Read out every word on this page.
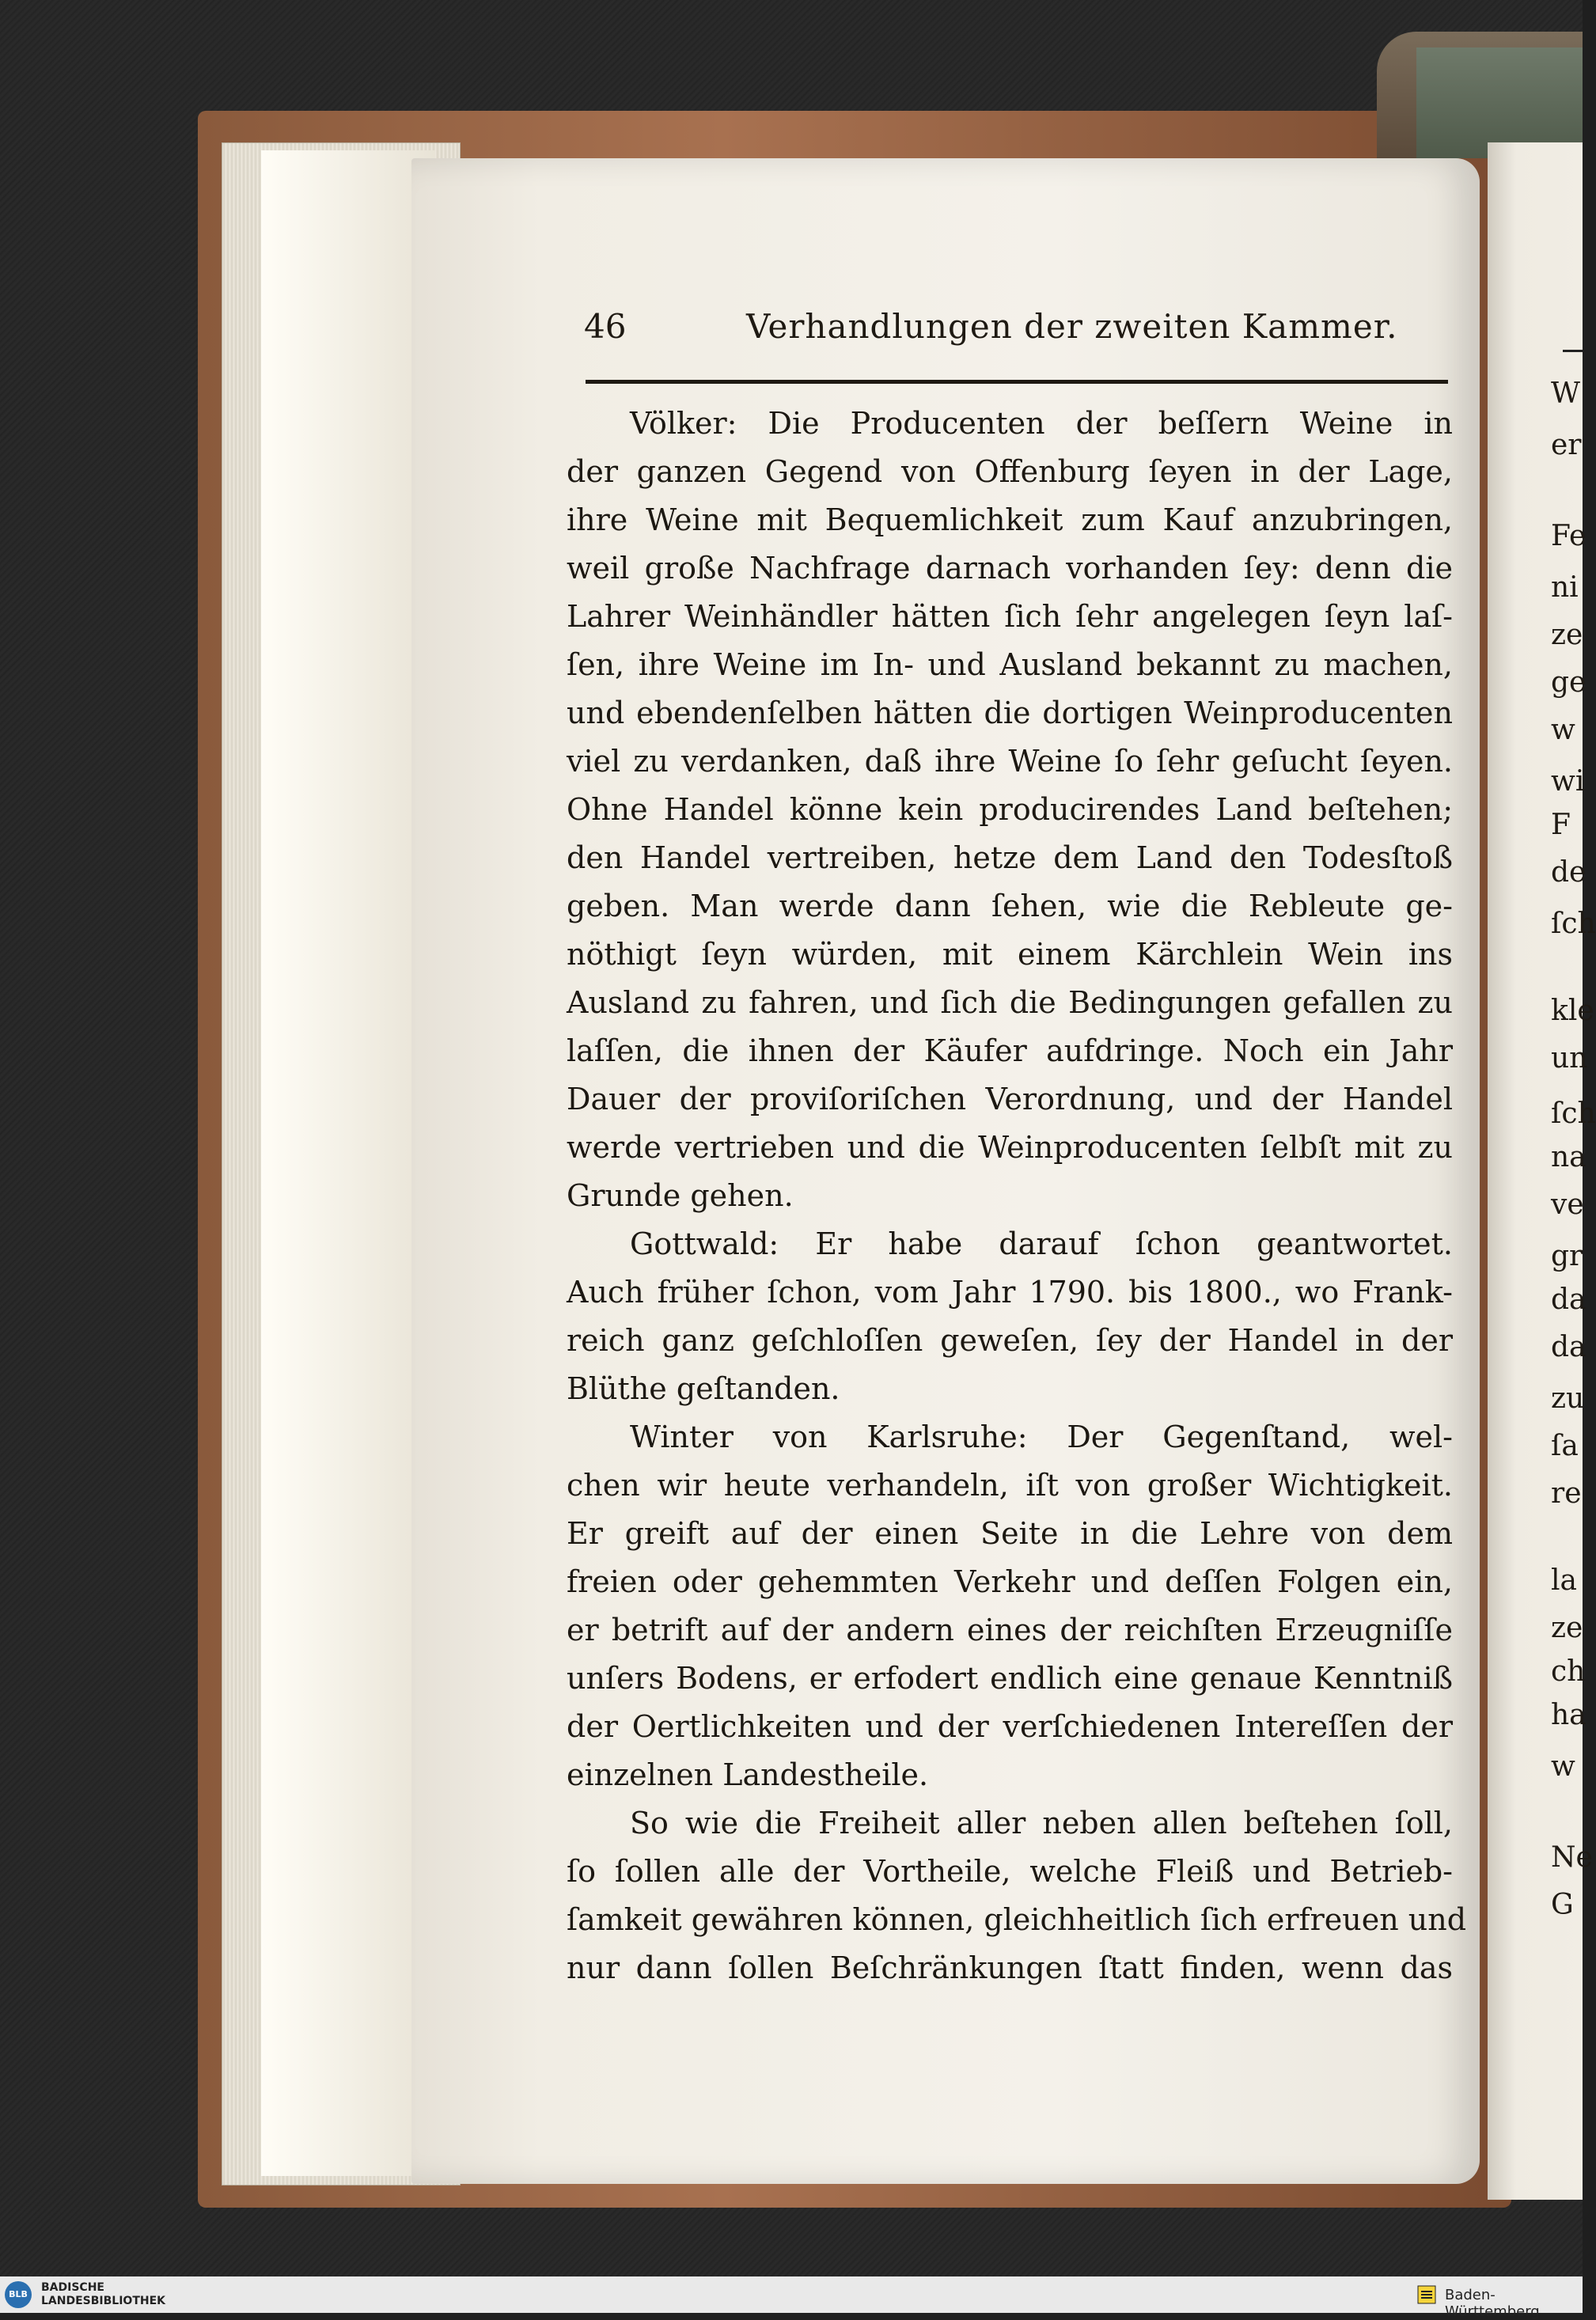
46	Verhandlungen der zweiten Kammer.
Völker: Die Producenten der beſſern Weine in
der ganzen Gegend von Offenburg ſeyen in der Lage,
ihre Weine mit Bequemlichkeit zum Kauf anzubringen,
weil große Nachfrage darnach vorhanden ſey: denn die
Lahrer Weinhändler hätten ſich ſehr angelegen ſeyn laſ-
ſen, ihre Weine im In- und Ausland bekannt zu machen,
und ebendenſelben hätten die dortigen Weinproducenten
viel zu verdanken, daß ihre Weine ſo ſehr geſucht ſeyen.
Ohne Handel könne kein producirendes Land beſtehen;
den Handel vertreiben, hetze dem Land den Todesſtoß
geben. Man werde dann ſehen, wie die Rebleute ge-
nöthigt ſeyn würden, mit einem Kärchlein Wein ins
Ausland zu fahren, und ſich die Bedingungen gefallen zu
laſſen, die ihnen der Käufer aufdringe. Noch ein Jahr
Dauer der proviſoriſchen Verordnung, und der Handel
werde vertrieben und die Weinproducenten ſelbſt mit zu
Grunde gehen.
Gottwald: Er habe darauf ſchon geantwortet.
Auch früher ſchon, vom Jahr 1790. bis 1800., wo Frank-
reich ganz geſchloſſen geweſen, ſey der Handel in der
Blüthe geſtanden.
Winter von Karlsruhe: Der Gegenſtand, wel-
chen wir heute verhandeln, iſt von großer Wichtigkeit.
Er greift auf der einen Seite in die Lehre von dem
freien oder gehemmten Verkehr und deſſen Folgen ein,
er betrift auf der andern eines der reichſten Erzeugniſſe
unſers Bodens, er erfodert endlich eine genaue Kenntniß
der Oertlichkeiten und der verſchiedenen Intereſſen der
einzelnen Landestheile.
So wie die Freiheit aller neben allen beſtehen ſoll,
ſo ſollen alle der Vortheile, welche Fleiß und Betrieb-
ſamkeit gewähren können, gleichheitlich ſich erfreuen und
nur dann ſollen Beſchränkungen ſtatt finden, wenn das
W
er
Fe
ni
ze
ge
w
wi
F
de
ſch
kle
un
ſch
na
ve
gr
da
da
zu
ſa
re
la
ze
ch
ha
w
Ne
G
BLB
BADISCHE
LANDESBIBLIOTHEK	Baden-Württemberg
